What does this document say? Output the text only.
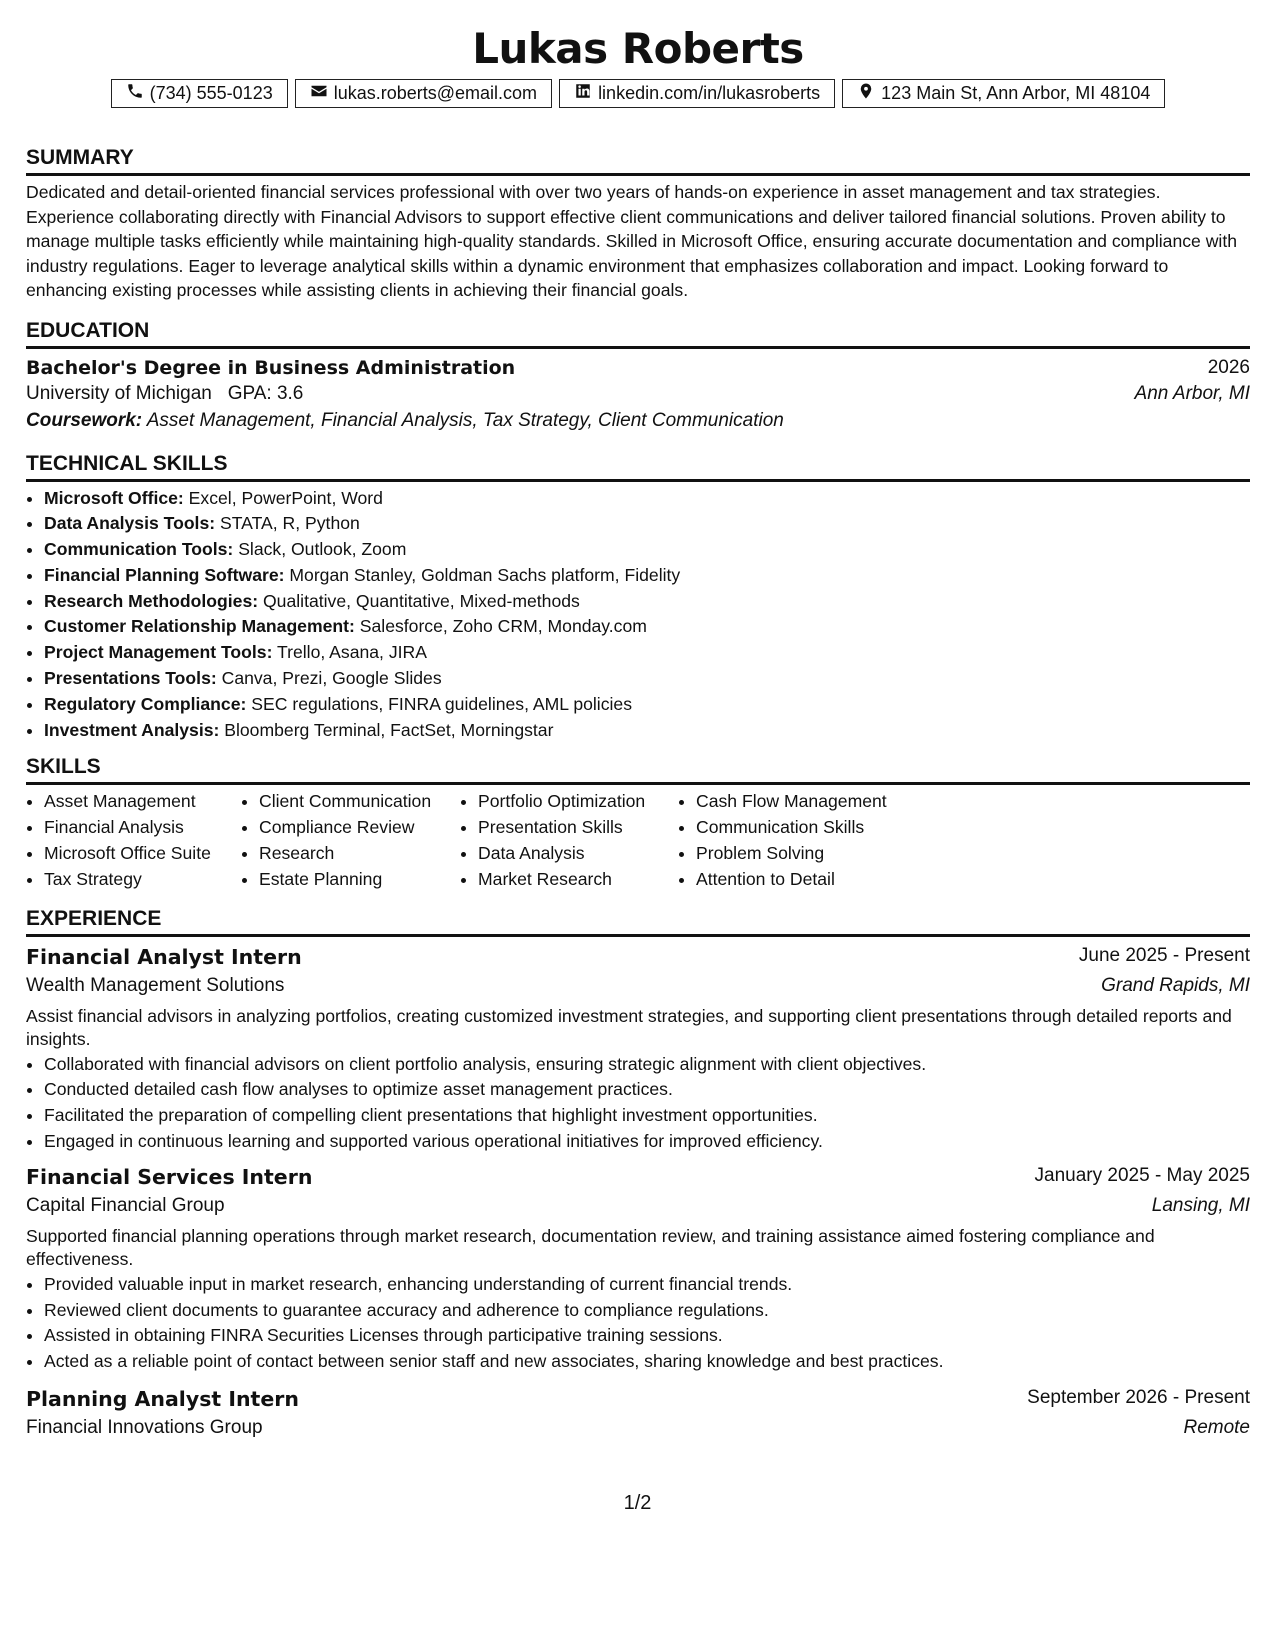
Lukas Roberts
(734) 555-0123	lukas.roberts@email.com	linkedin.com/in/lukasroberts	123 Main St, Ann Arbor, MI 48104
SUMMARY
Dedicated and detail-oriented financial services professional with over two years of hands-on experience in asset management and tax strategies. Experience collaborating directly with Financial Advisors to support effective client communications and deliver tailored financial solutions. Proven ability to manage multiple tasks efficiently while maintaining high-quality standards. Skilled in Microsoft Office, ensuring accurate documentation and compliance with industry regulations. Eager to leverage analytical skills within a dynamic environment that emphasizes collaboration and impact. Looking forward to enhancing existing processes while assisting clients in achieving their financial goals.
EDUCATION
Bachelor's Degree in Business Administration	2026
University of Michigan GPA: 3.6	Ann Arbor, MI
Coursework: Asset Management, Financial Analysis, Tax Strategy, Client Communication
TECHNICAL SKILLS
• Microsoft Office: Excel, PowerPoint, Word
• Data Analysis Tools: STATA, R, Python
• Communication Tools: Slack, Outlook, Zoom
• Financial Planning Software: Morgan Stanley, Goldman Sachs platform, Fidelity
• Research Methodologies: Qualitative, Quantitative, Mixed-methods
• Customer Relationship Management: Salesforce, Zoho CRM, Monday.com
• Project Management Tools: Trello, Asana, JIRA
• Presentations Tools: Canva, Prezi, Google Slides
• Regulatory Compliance: SEC regulations, FINRA guidelines, AML policies
• Investment Analysis: Bloomberg Terminal, FactSet, Morningstar
SKILLS
• Asset Management
• Financial Analysis
• Microsoft Office Suite
• Tax Strategy
• Client Communication
• Compliance Review
• Research
• Estate Planning
• Portfolio Optimization
• Presentation Skills
• Data Analysis
• Market Research
• Cash Flow Management
• Communication Skills
• Problem Solving
• Attention to Detail
EXPERIENCE
Financial Analyst Intern	June 2025 - Present
Wealth Management Solutions	Grand Rapids, MI
Assist financial advisors in analyzing portfolios, creating customized investment strategies, and supporting client presentations through detailed reports and insights.
• Collaborated with financial advisors on client portfolio analysis, ensuring strategic alignment with client objectives.
• Conducted detailed cash flow analyses to optimize asset management practices.
• Facilitated the preparation of compelling client presentations that highlight investment opportunities.
• Engaged in continuous learning and supported various operational initiatives for improved efficiency.
Financial Services Intern	January 2025 - May 2025
Capital Financial Group	Lansing, MI
Supported financial planning operations through market research, documentation review, and training assistance aimed fostering compliance and effectiveness.
• Provided valuable input in market research, enhancing understanding of current financial trends.
• Reviewed client documents to guarantee accuracy and adherence to compliance regulations.
• Assisted in obtaining FINRA Securities Licenses through participative training sessions.
• Acted as a reliable point of contact between senior staff and new associates, sharing knowledge and best practices.
Planning Analyst Intern	September 2026 - Present
Financial Innovations Group	Remote
1/2
